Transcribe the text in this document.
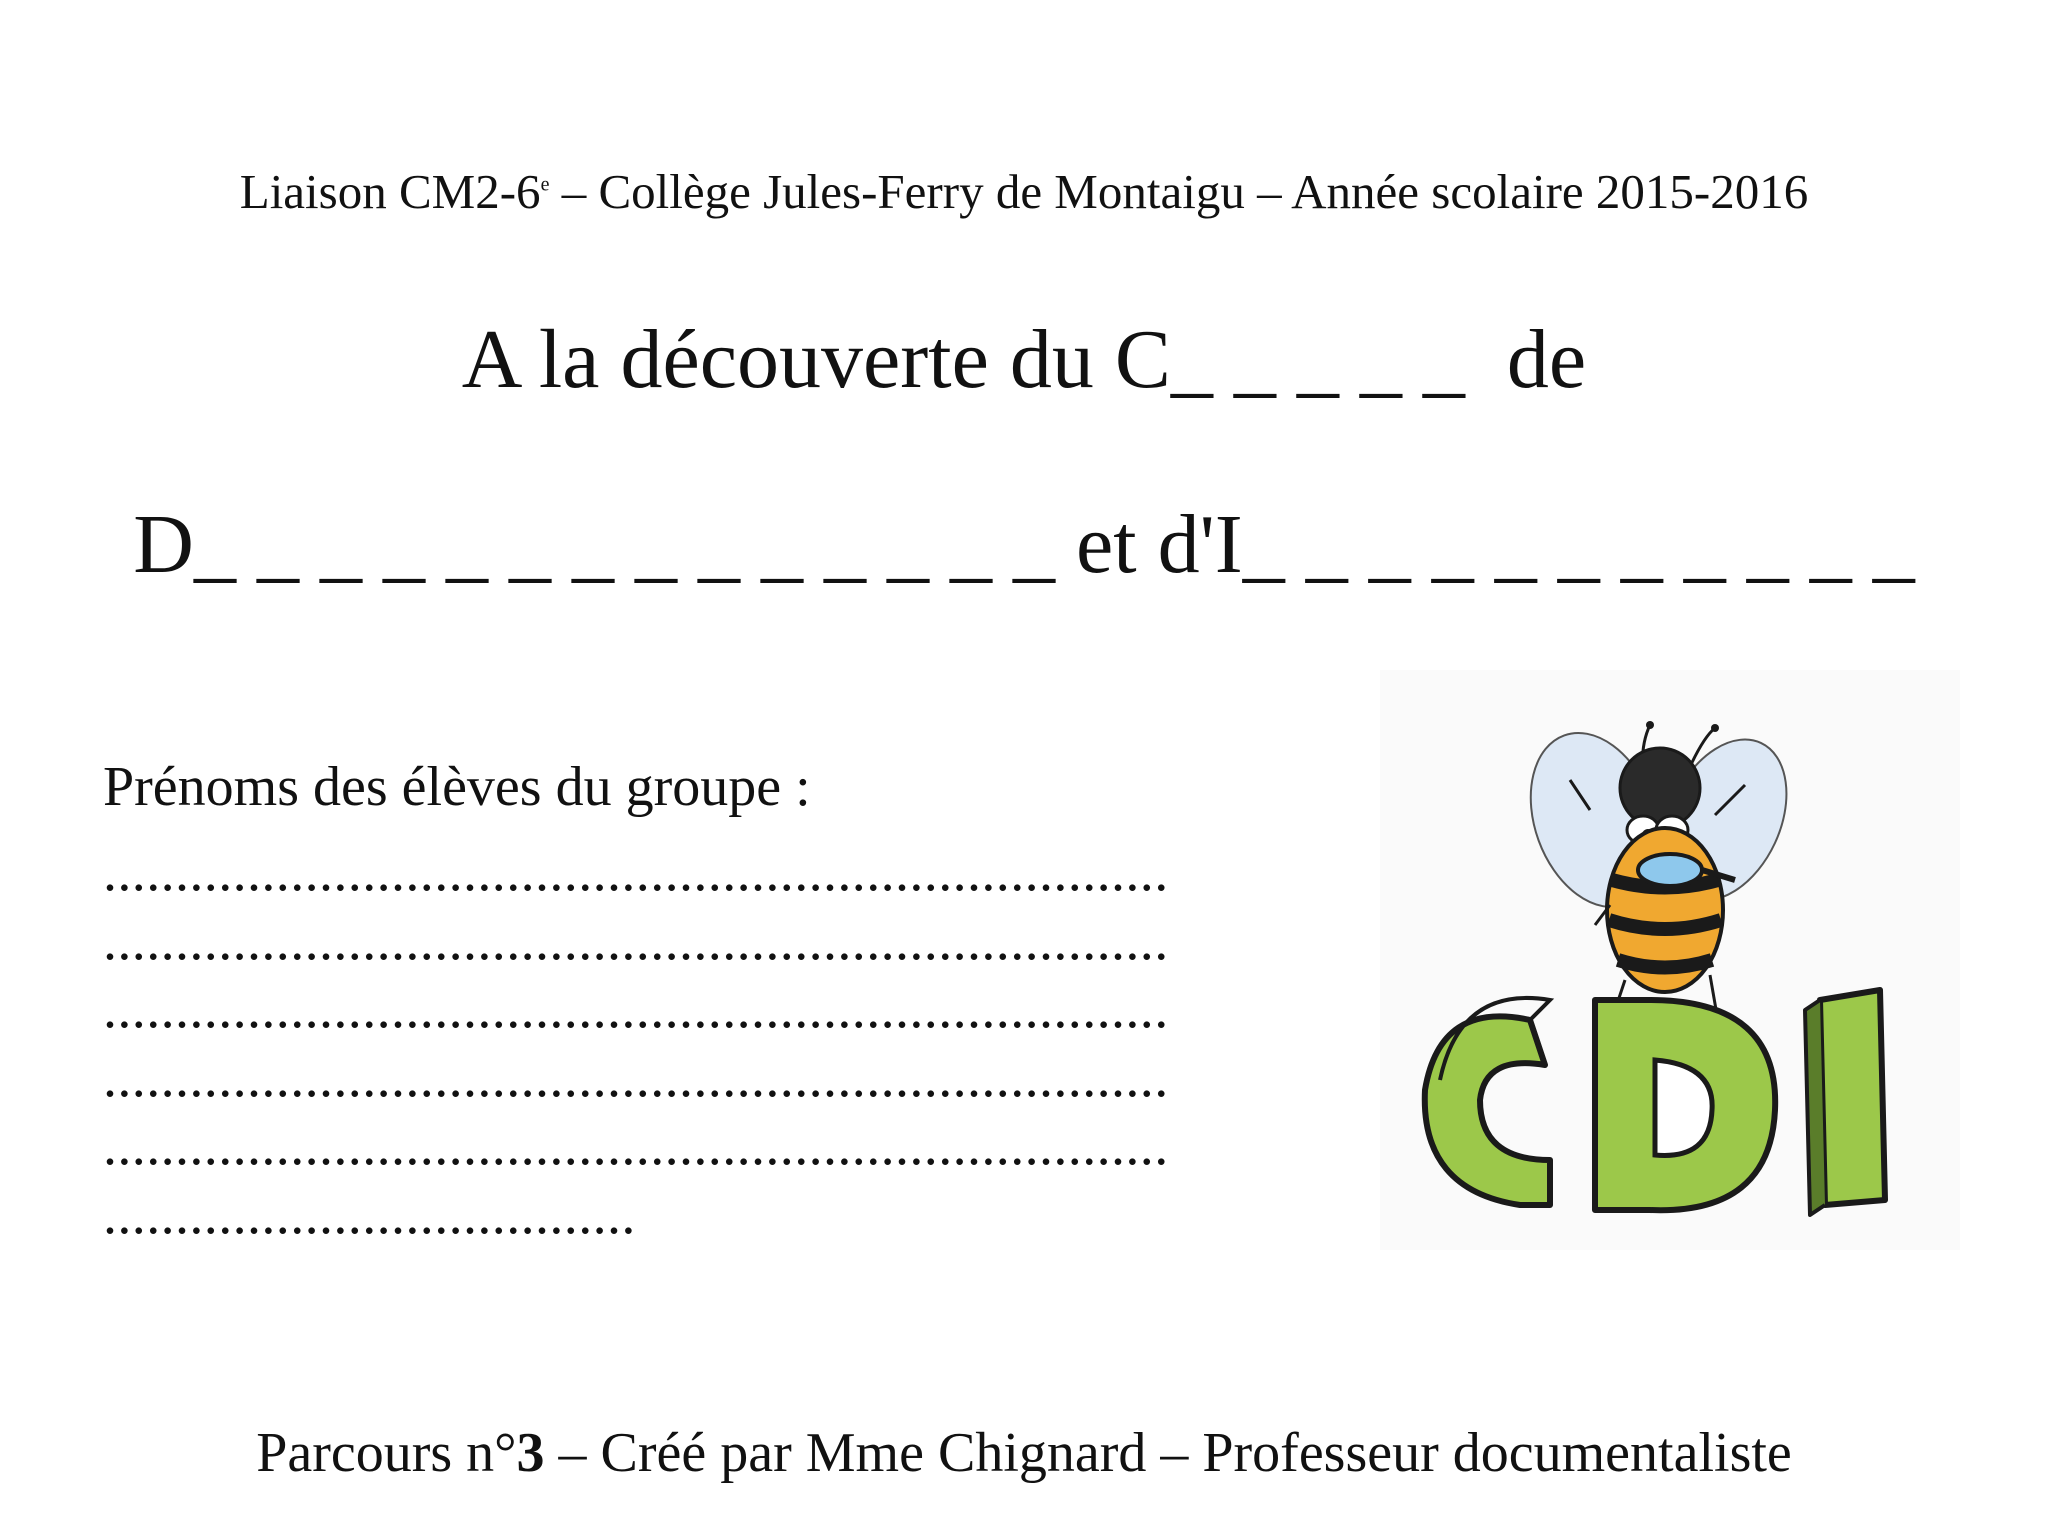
Liaison CM2-6e – Collège Jules-Ferry de Montaigu – Année scolaire 2015-2016
A la découverte du C_ _ _ _ _  de
D_ _ _ _ _ _ _ _ _ _ _ _ _ _ et d'I_ _ _ _ _ _ _ _ _ _ _
Prénoms des élèves du groupe :
..........................................................................
..........................................................................
..........................................................................
..........................................................................
..........................................................................
.....................................
Parcours n°3 – Créé par Mme Chignard – Professeur documentaliste
